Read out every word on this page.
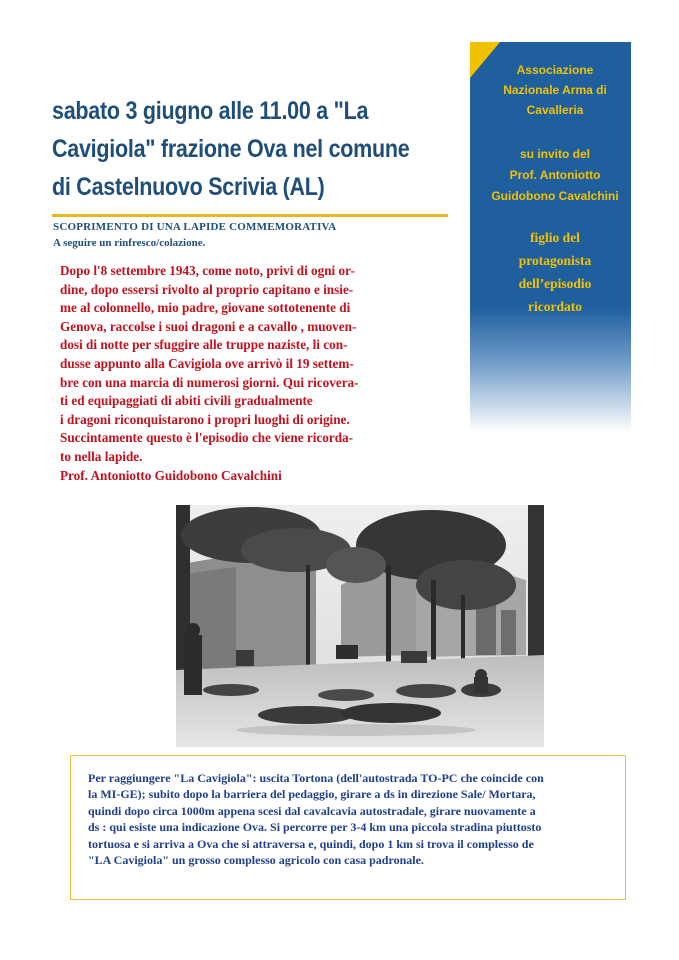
sabato 3 giugno alle 11.00 a "La
Cavigiola" frazione Ova nel comune
di Castelnuovo Scrivia (AL)
SCOPRIMENTO DI UNA LAPIDE COMMEMORATIVA
A seguire un rinfresco/colazione.
Dopo l'8 settembre 1943, come noto, privi di ogni or-
dine, dopo essersi rivolto al proprio capitano e insie-
me al colonnello, mio padre, giovane sottotenente di
Genova, raccolse i suoi dragoni e a cavallo , muoven-
dosi di notte per sfuggire alle truppe naziste, li con-
dusse appunto alla Cavigiola ove arrivò il 19 settem-
bre con una marcia di numerosi giorni. Qui ricovera-
ti ed equipaggiati di abiti civili gradualmente
i dragoni riconquistarono i propri luoghi di origine.
Succintamente questo è l'episodio che viene ricorda-
to nella lapide.
Prof. Antoniotto Guidobono Cavalchini
Associazione
Nazionale Arma di
Cavalleria
su invito del
Prof. Antoniotto
Guidobono Cavalchini
figlio del
protagonista
dell’episodio
ricordato
Per raggiungere "La Cavigiola": uscita Tortona (dell'autostrada TO-PC che coincide con
la MI-GE); subito dopo la barriera del pedaggio, girare a ds in direzione Sale/ Mortara,
quindi dopo circa 1000m appena scesi dal cavalcavia autostradale, girare nuovamente a
ds : qui esiste una indicazione Ova. Si percorre per 3-4 km una piccola stradina piuttosto
tortuosa e si arriva a Ova che si attraversa e, quindi, dopo 1 km si trova il complesso de
"LA Cavigiola" un grosso complesso agricolo con casa padronale.
